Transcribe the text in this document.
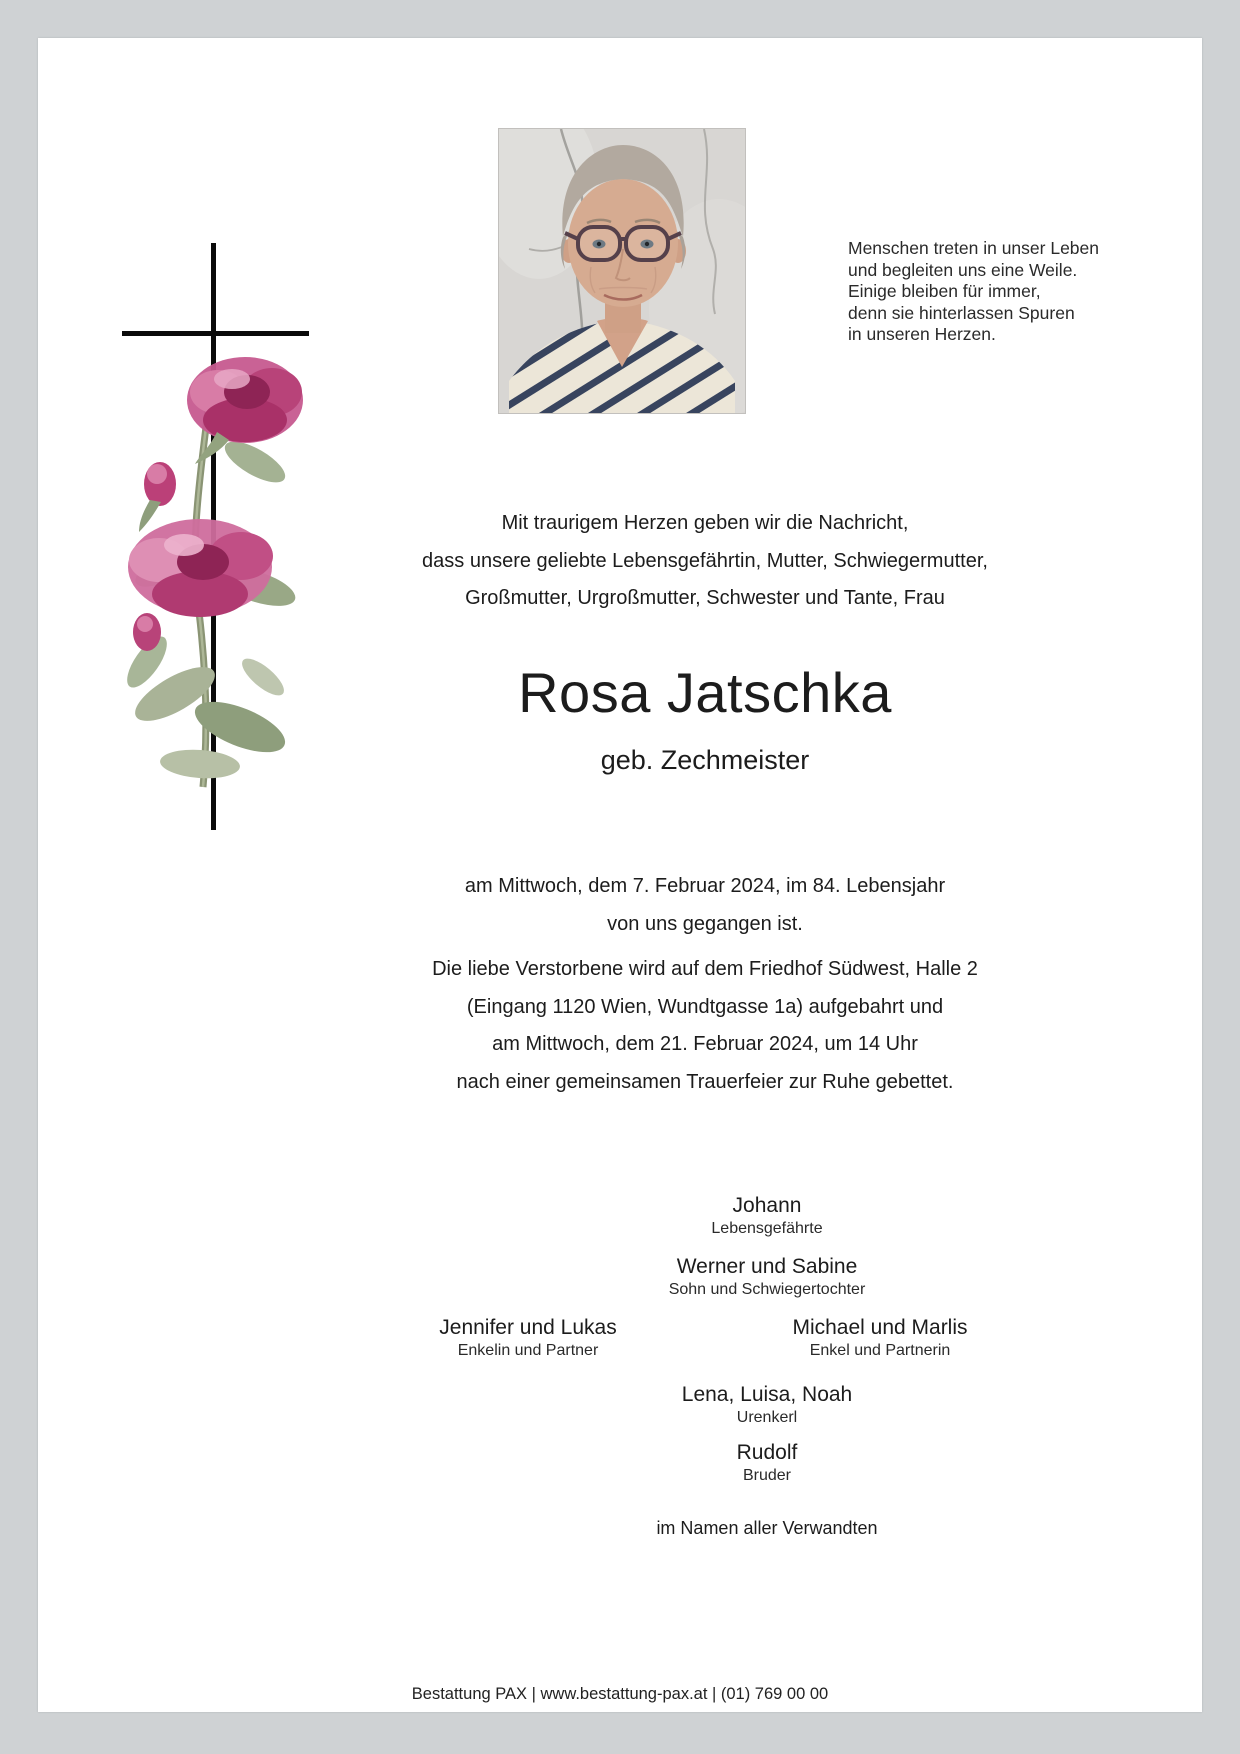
Menschen treten in unser Leben
und begleiten uns eine Weile.
Einige bleiben für immer,
denn sie hinterlassen Spuren
in unseren Herzen.
Mit traurigem Herzen geben wir die Nachricht,
dass unsere geliebte Lebensgefährtin, Mutter, Schwiegermutter,
Großmutter, Urgroßmutter, Schwester und Tante, Frau
Rosa Jatschka
geb. Zechmeister
am Mittwoch, dem 7. Februar 2024, im 84. Lebensjahr
von uns gegangen ist.
Die liebe Verstorbene wird auf dem Friedhof Südwest, Halle 2
(Eingang 1120 Wien, Wundtgasse 1a) aufgebahrt und
am Mittwoch, dem 21. Februar 2024, um 14 Uhr
nach einer gemeinsamen Trauerfeier zur Ruhe gebettet.
Johann
Lebensgefährte
Werner und Sabine
Sohn und Schwiegertochter
Jennifer und Lukas
Enkelin und Partner
Michael und Marlis
Enkel und Partnerin
Lena, Luisa, Noah
Urenkerl
Rudolf
Bruder
im Namen aller Verwandten
Bestattung PAX | www.bestattung-pax.at | (01) 769 00 00
